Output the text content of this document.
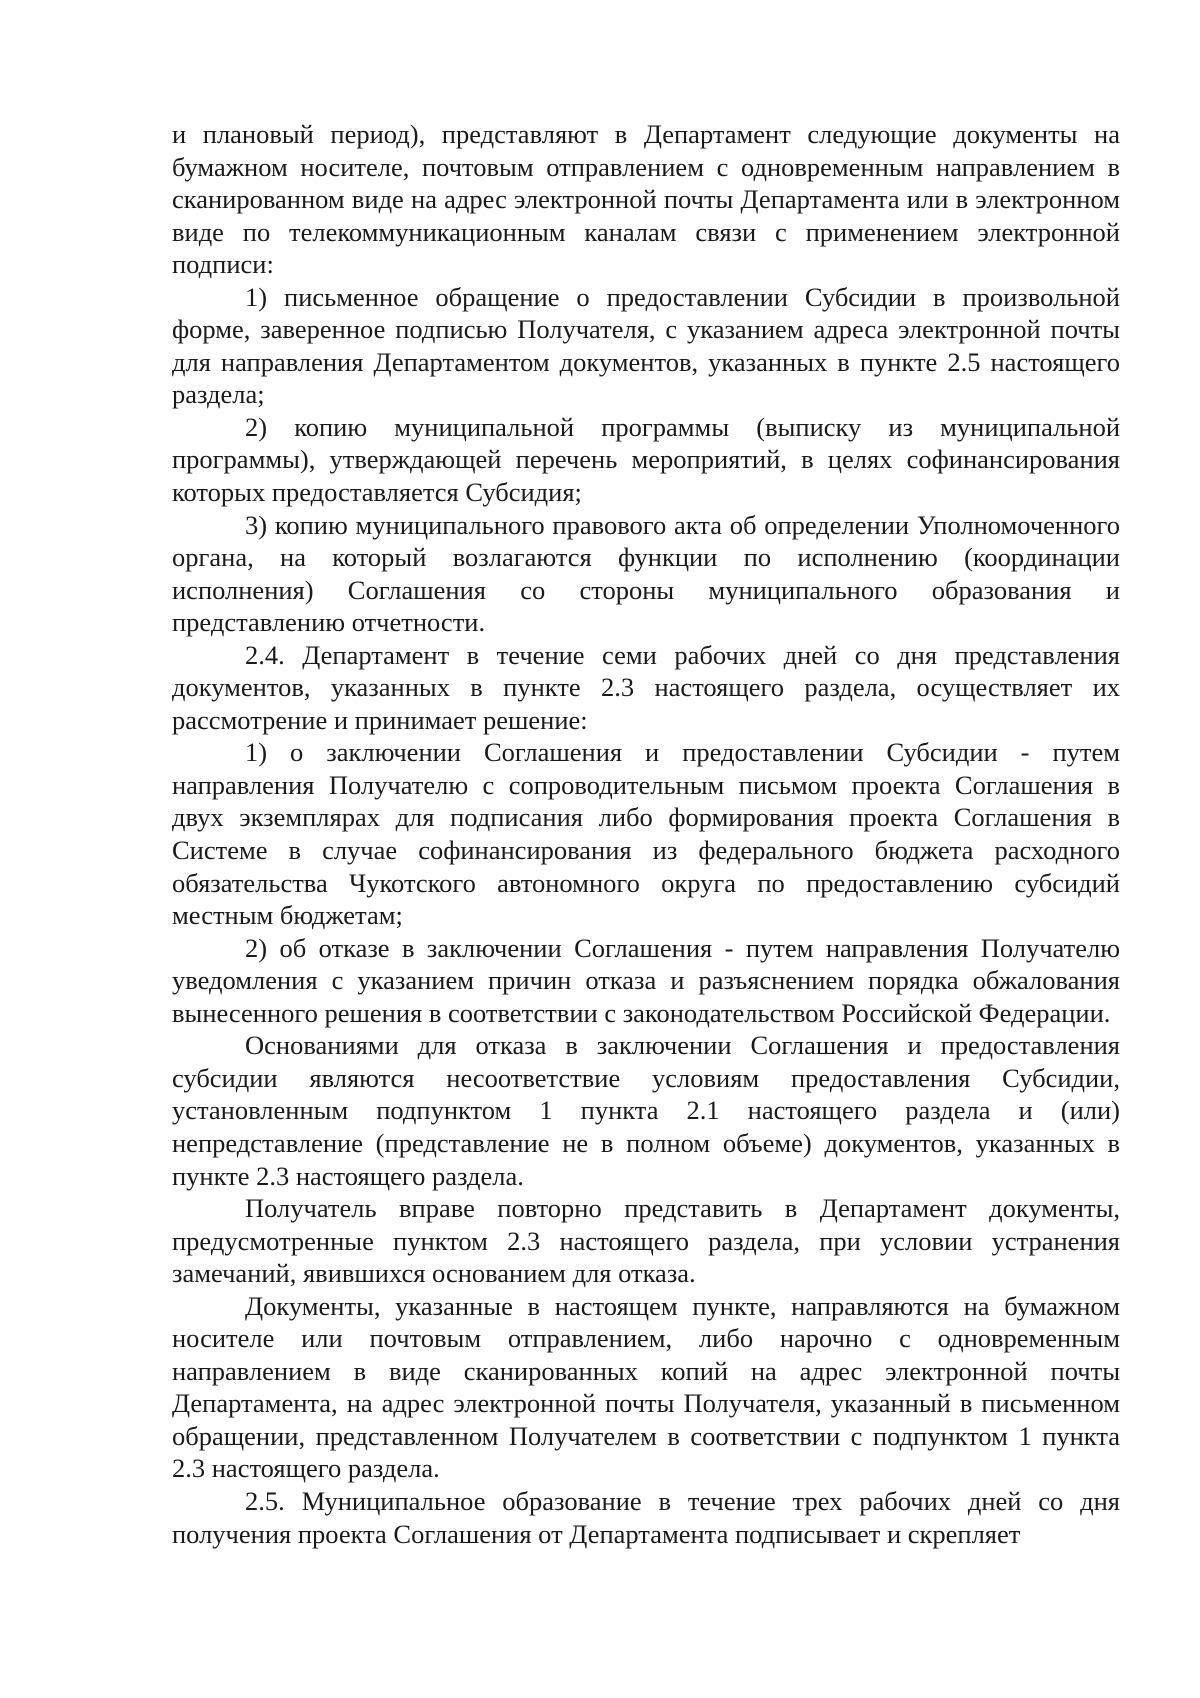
и плановый период), представляют в Департамент следующие документы на бумажном носителе, почтовым отправлением с одновременным направлением в сканированном виде на адрес электронной почты Департамента или в электронном виде по телекоммуникационным каналам связи с применением электронной подписи:

1) письменное обращение о предоставлении Субсидии в произвольной форме, заверенное подписью Получателя, с указанием адреса электронной почты для направления Департаментом документов, указанных в пункте 2.5 настоящего раздела;

2) копию муниципальной программы (выписку из муниципальной программы), утверждающей перечень мероприятий, в целях софинансирования которых предоставляется Субсидия;

3) копию муниципального правового акта об определении Уполномоченного органа, на который возлагаются функции по исполнению (координации исполнения) Соглашения со стороны муниципального образования и представлению отчетности.

2.4. Департамент в течение семи рабочих дней со дня представления документов, указанных в пункте 2.3 настоящего раздела, осуществляет их рассмотрение и принимает решение:

1) о заключении Соглашения и предоставлении Субсидии - путем направления Получателю с сопроводительным письмом проекта Соглашения в двух экземплярах для подписания либо формирования проекта Соглашения в Системе в случае софинансирования из федерального бюджета расходного обязательства Чукотского автономного округа по предоставлению субсидий местным бюджетам;

2) об отказе в заключении Соглашения - путем направления Получателю уведомления с указанием причин отказа и разъяснением порядка обжалования вынесенного решения в соответствии с законодательством Российской Федерации.

Основаниями для отказа в заключении Соглашения и предоставления субсидии являются несоответствие условиям предоставления Субсидии, установленным подпунктом 1 пункта 2.1 настоящего раздела и (или) непредставление (представление не в полном объеме) документов, указанных в пункте 2.3 настоящего раздела.

Получатель вправе повторно представить в Департамент документы, предусмотренные пунктом 2.3 настоящего раздела, при условии устранения замечаний, явившихся основанием для отказа.

Документы, указанные в настоящем пункте, направляются на бумажном носителе или почтовым отправлением, либо нарочно с одновременным направлением в виде сканированных копий на адрес электронной почты Департамента, на адрес электронной почты Получателя, указанный в письменном обращении, представленном Получателем в соответствии с подпунктом 1 пункта 2.3 настоящего раздела.

2.5. Муниципальное образование в течение трех рабочих дней со дня получения проекта Соглашения от Департамента подписывает и скрепляет
